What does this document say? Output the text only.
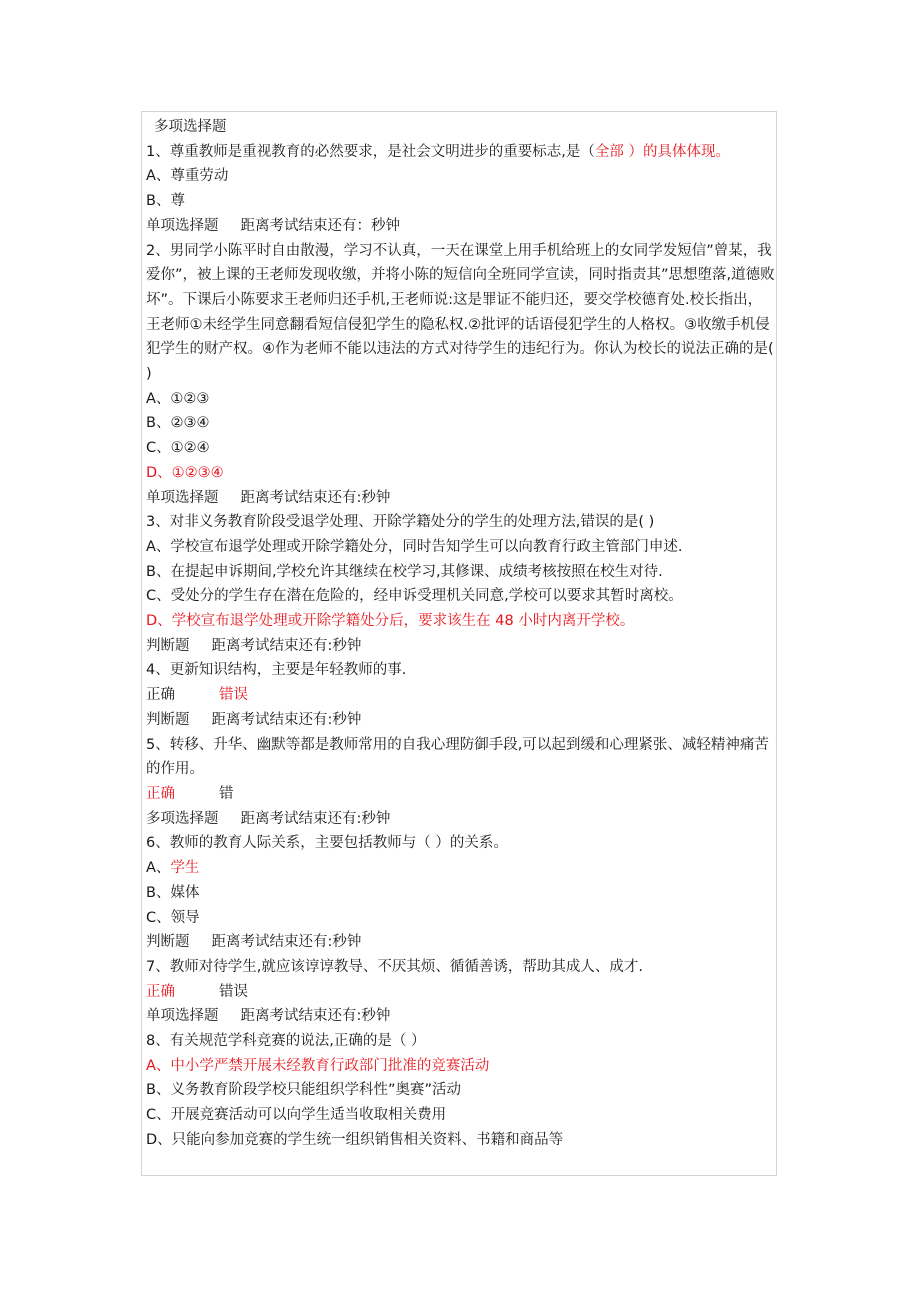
多项选择题
1、尊重教师是重视教育的必然要求，是社会文明进步的重要标志,是（全部 ）的具体体现。
A、尊重劳动
B、尊
单项选择题 距离考试结束还有：秒钟
2、男同学小陈平时自由散漫，学习不认真，一天在课堂上用手机给班上的女同学发短信”曾某，我爱你”，被上课的王老师发现收缴，并将小陈的短信向全班同学宣读，同时指责其”思想堕落,道德败坏”。下课后小陈要求王老师归还手机,王老师说:这是罪证不能归还，要交学校德育处.校长指出，王老师①未经学生同意翻看短信侵犯学生的隐私权.②批评的话语侵犯学生的人格权。③收缴手机侵犯学生的财产权。④作为老师不能以违法的方式对待学生的违纪行为。你认为校长的说法正确的是( )
A、①②③
B、②③④
C、①②④
D、①②③④
单项选择题 距离考试结束还有:秒钟
3、对非义务教育阶段受退学处理、开除学籍处分的学生的处理方法,错误的是( )
A、学校宣布退学处理或开除学籍处分，同时告知学生可以向教育行政主管部门申述.
B、在提起申诉期间,学校允许其继续在校学习,其修课、成绩考核按照在校生对待.
C、受处分的学生存在潜在危险的，经申诉受理机关同意,学校可以要求其暂时离校。
D、学校宣布退学处理或开除学籍处分后，要求该生在 48 小时内离开学校。
判断题 距离考试结束还有:秒钟
4、更新知识结构，主要是年轻教师的事.
正确	错误
判断题 距离考试结束还有:秒钟
5、转移、升华、幽默等都是教师常用的自我心理防御手段,可以起到缓和心理紧张、减轻精神痛苦的作用。
正确	错
多项选择题 距离考试结束还有:秒钟
6、教师的教育人际关系，主要包括教师与（ ）的关系。
A、学生
B、媒体
C、领导
判断题 距离考试结束还有:秒钟
7、教师对待学生,就应该谆谆教导、不厌其烦、循循善诱，帮助其成人、成才.
正确	错误
单项选择题 距离考试结束还有:秒钟
8、有关规范学科竞赛的说法,正确的是（ ）
A、中小学严禁开展未经教育行政部门批准的竞赛活动
B、义务教育阶段学校只能组织学科性”奥赛”活动
C、开展竞赛活动可以向学生适当收取相关费用
D、只能向参加竞赛的学生统一组织销售相关资料、书籍和商品等
